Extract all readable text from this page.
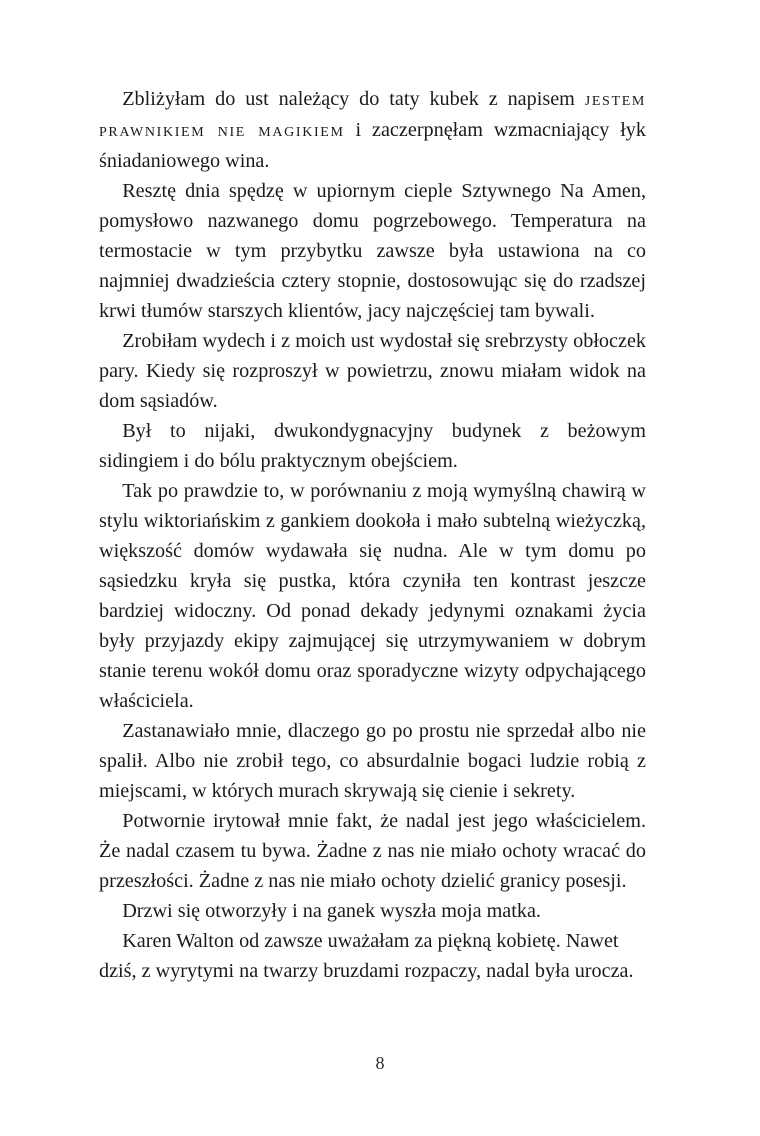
Zbliżyłam do ust należący do taty kubek z napisem jestem prawnikiem nie magikiem i zaczerpnęłam wzmacniający łyk śniadaniowego wina.

Resztę dnia spędzę w upiornym cieple Sztywnego Na Amen, pomysłowo nazwanego domu pogrzebowego. Temperatura na termostacie w tym przybytku zawsze była ustawiona na co najmniej dwadzieścia cztery stopnie, dostosowując się do rzadszej krwi tłumów starszych klientów, jacy najczęściej tam bywali.

Zrobiłam wydech i z moich ust wydostał się srebrzysty obłoczek pary. Kiedy się rozproszył w powietrzu, znowu miałam widok na dom sąsiadów.

Był to nijaki, dwukondygnacyjny budynek z beżowym sidingiem i do bólu praktycznym obejściem.

Tak po prawdzie to, w porównaniu z moją wymyślną chawirą w stylu wiktoriańskim z gankiem dookoła i mało subtelną wieżyczką, większość domów wydawała się nudna. Ale w tym domu po sąsiedzku kryła się pustka, która czyniła ten kontrast jeszcze bardziej widoczny. Od ponad dekady jedynymi oznakami życia były przyjazdy ekipy zajmującej się utrzymywaniem w dobrym stanie terenu wokół domu oraz sporadyczne wizyty odpychającego właściciela.

Zastanawiało mnie, dlaczego go po prostu nie sprzedał albo nie spalił. Albo nie zrobił tego, co absurdalnie bogaci ludzie robią z miejscami, w których murach skrywają się cienie i sekrety.

Potwornie irytował mnie fakt, że nadal jest jego właścicielem. Że nadal czasem tu bywa. Żadne z nas nie miało ochoty wracać do przeszłości. Żadne z nas nie miało ochoty dzielić granicy posesji.

Drzwi się otworzyły i na ganek wyszła moja matka.

Karen Walton od zawsze uważałam za piękną kobietę. Nawet dziś, z wyrytymi na twarzy bruzdami rozpaczy, nadal była urocza.

8
